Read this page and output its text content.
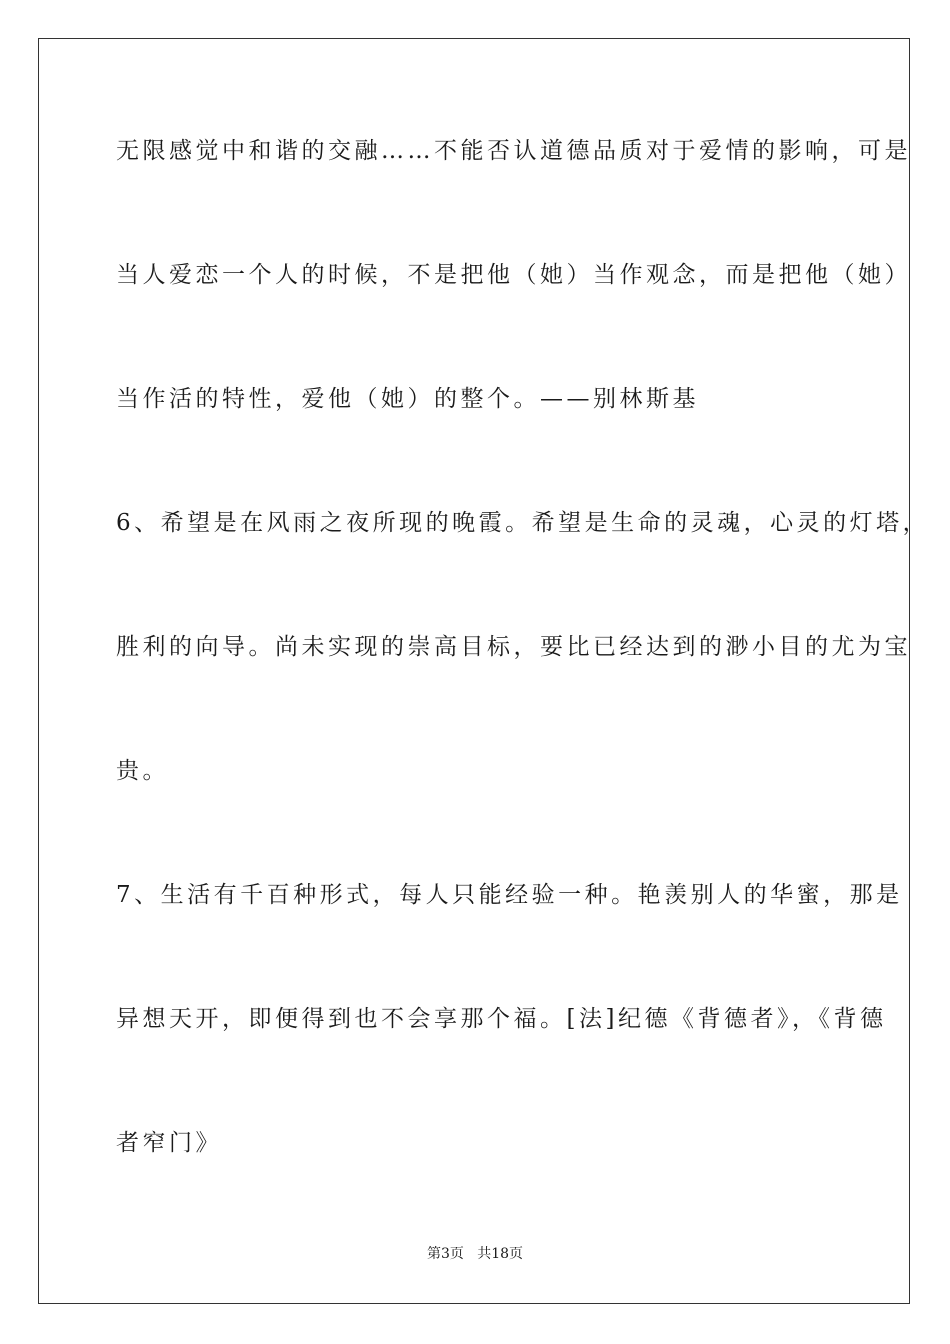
无限感觉中和谐的交融……不能否认道德品质对于爱情的影响，可是

当人爱恋一个人的时候，不是把他（她）当作观念，而是把他（她）

当作活的特性，爱他（她）的整个。——别林斯基

6、希望是在风雨之夜所现的晚霞。希望是生命的灵魂，心灵的灯塔，

胜利的向导。尚未实现的崇高目标，要比已经达到的渺小目的尤为宝

贵。

7、生活有千百种形式，每人只能经验一种。艳羡别人的华蜜，那是

异想天开，即便得到也不会享那个福。[法]纪德《背德者》，《背德

者窄门》

第3页   共18页
